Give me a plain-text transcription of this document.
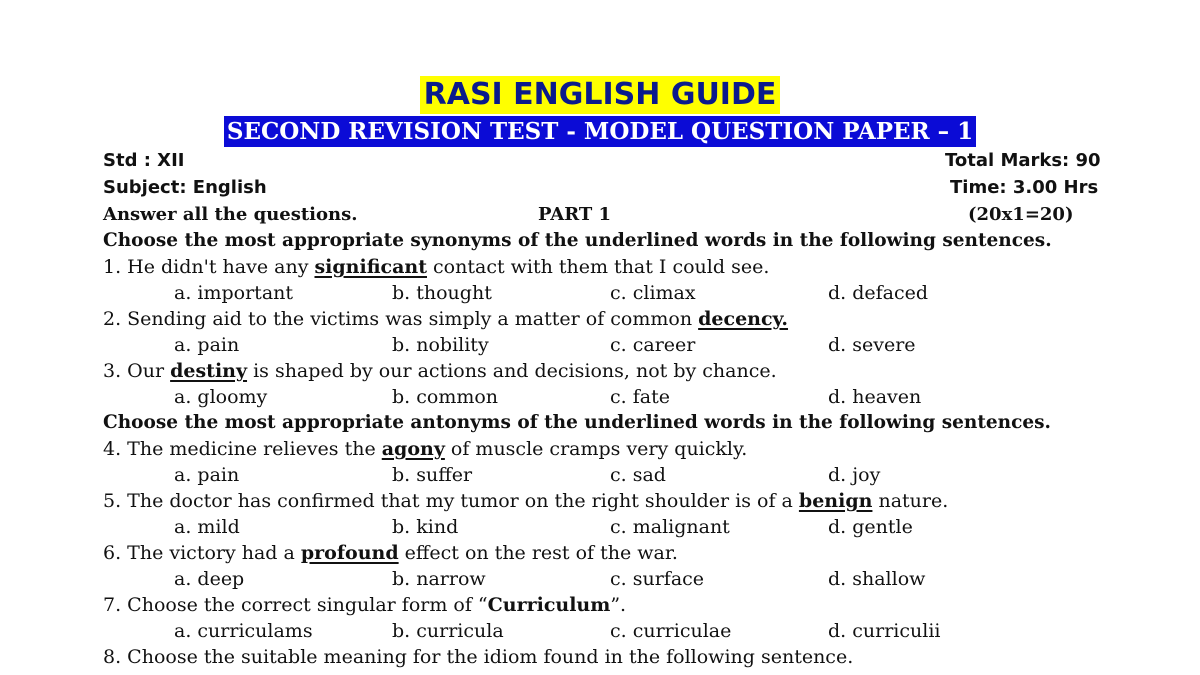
RASI ENGLISH GUIDE
SECOND REVISION TEST - MODEL QUESTION PAPER – 1
Std : XII	Total Marks: 90
Subject: English	Time: 3.00 Hrs
Answer all the questions.	PART 1	(20x1=20)
Choose the most appropriate synonyms of the underlined words in the following sentences.
1. He didn't have any significant contact with them that I could see.
a. important	b. thought	c. climax	d. defaced
2. Sending aid to the victims was simply a matter of common decency.
a. pain	b. nobility	c. career	d. severe
3. Our destiny is shaped by our actions and decisions, not by chance.
a. gloomy	b. common	c. fate	d. heaven
Choose the most appropriate antonyms of the underlined words in the following sentences.
4. The medicine relieves the agony of muscle cramps very quickly.
a. pain	b. suffer	c. sad	d. joy
5. The doctor has confirmed that my tumor on the right shoulder is of a benign nature.
a. mild	b. kind	c. malignant	d. gentle
6. The victory had a profound effect on the rest of the war.
a. deep	b. narrow	c. surface	d. shallow
7. Choose the correct singular form of “Curriculum”.
a. curriculams	b. curricula	c. curriculae	d. curriculii
8. Choose the suitable meaning for the idiom found in the following sentence.
